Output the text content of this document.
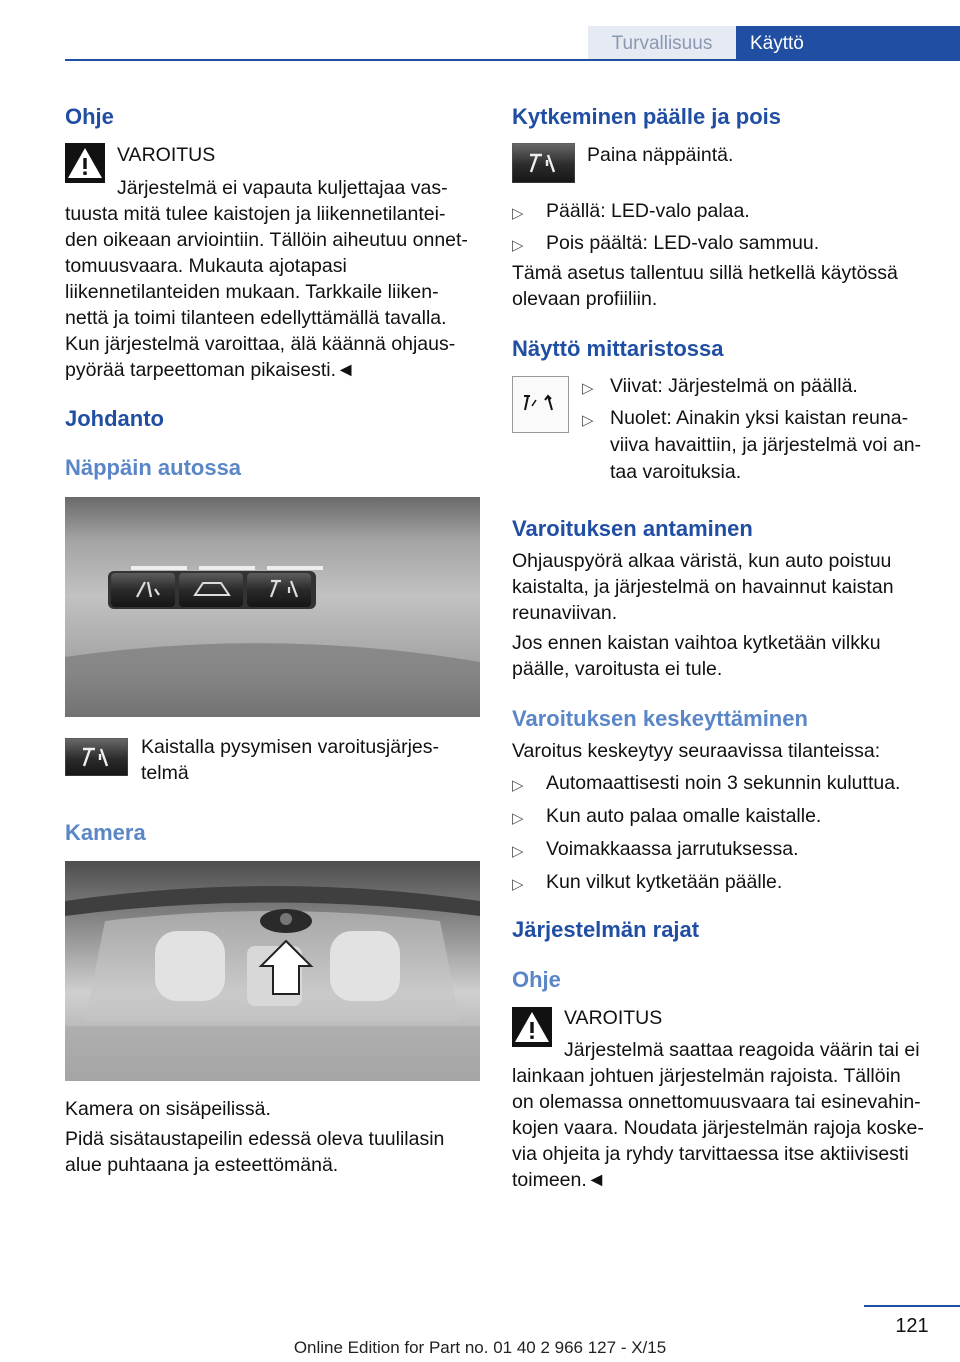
Turvallisuus	Käyttö
Ohje
VAROITUS
Järjestelmä ei vapauta kuljettajaa vas-
tuusta mitä tulee kaistojen ja liikennetilantei-
den oikeaan arviointiin. Tällöin aiheutuu onnet-
tomuusvaara. Mukauta ajotapasi
liikennetilanteiden mukaan. Tarkkaile liiken-
nettä ja toimi tilanteen edellyttämällä tavalla.
Kun järjestelmä varoittaa, älä käännä ohjaus-
pyörää tarpeettoman pikaisesti.◄
Johdanto
Näppäin autossa
Kaistalla pysymisen varoitusjärjes-
telmä
Kamera
Kamera on sisäpeilissä.
Pidä sisätaustapeilin edessä oleva tuulilasin
alue puhtaana ja esteettömänä.
Kytkeminen päälle ja pois
Paina näppäintä.
▷ Päällä: LED-valo palaa.
▷ Pois päältä: LED-valo sammuu.
Tämä asetus tallentuu sillä hetkellä käytössä
olevaan profiiliin.
Näyttö mittaristossa
▷ Viivat: Järjestelmä on päällä.
▷ Nuolet: Ainakin yksi kaistan reuna-
viiva havaittiin, ja järjestelmä voi an-
taa varoituksia.
Varoituksen antaminen
Ohjauspyörä alkaa väristä, kun auto poistuu
kaistalta, ja järjestelmä on havainnut kaistan
reunaviivan.
Jos ennen kaistan vaihtoa kytketään vilkku
päälle, varoitusta ei tule.
Varoituksen keskeyttäminen
Varoitus keskeytyy seuraavissa tilanteissa:
▷ Automaattisesti noin 3 sekunnin kuluttua.
▷ Kun auto palaa omalle kaistalle.
▷ Voimakkaassa jarrutuksessa.
▷ Kun vilkut kytketään päälle.
Järjestelmän rajat
Ohje
VAROITUS
Järjestelmä saattaa reagoida väärin tai ei
lainkaan johtuen järjestelmän rajoista. Tällöin
on olemassa onnettomuusvaara tai esinevahin-
kojen vaara. Noudata järjestelmän rajoja koske-
via ohjeita ja ryhdy tarvittaessa itse aktiivisesti
toimeen.◄
121
Online Edition for Part no. 01 40 2 966 127 - X/15
